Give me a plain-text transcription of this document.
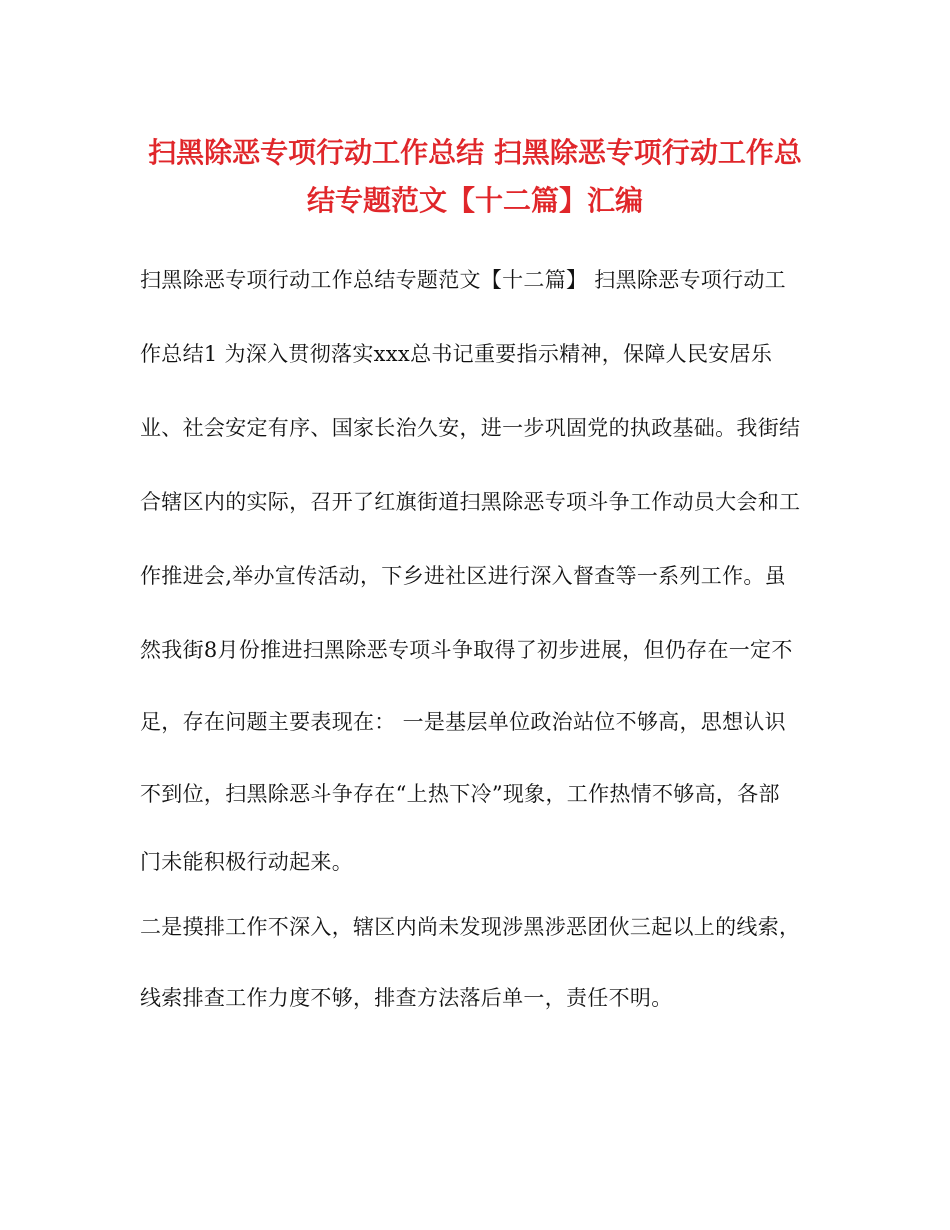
扫黑除恶专项行动工作总结 扫黑除恶专项行动工作总
结专题范文【十二篇】汇编

扫黑除恶专项行动工作总结专题范文【十二篇】 扫黑除恶专项行动工

作总结1 为深入贯彻落实xxx总书记重要指示精神，保障人民安居乐

业、社会安定有序、国家长治久安，进一步巩固党的执政基础。我街结

合辖区内的实际，召开了红旗街道扫黑除恶专项斗争工作动员大会和工

作推进会,举办宣传活动，下乡进社区进行深入督查等一系列工作。虽

然我街8月份推进扫黑除恶专项斗争取得了初步进展，但仍存在一定不

足，存在问题主要表现在： 一是基层单位政治站位不够高，思想认识

不到位，扫黑除恶斗争存在“上热下冷”现象，工作热情不够高，各部

门未能积极行动起来。

二是摸排工作不深入，辖区内尚未发现涉黑涉恶团伙三起以上的线索，

线索排查工作力度不够，排查方法落后单一，责任不明。
